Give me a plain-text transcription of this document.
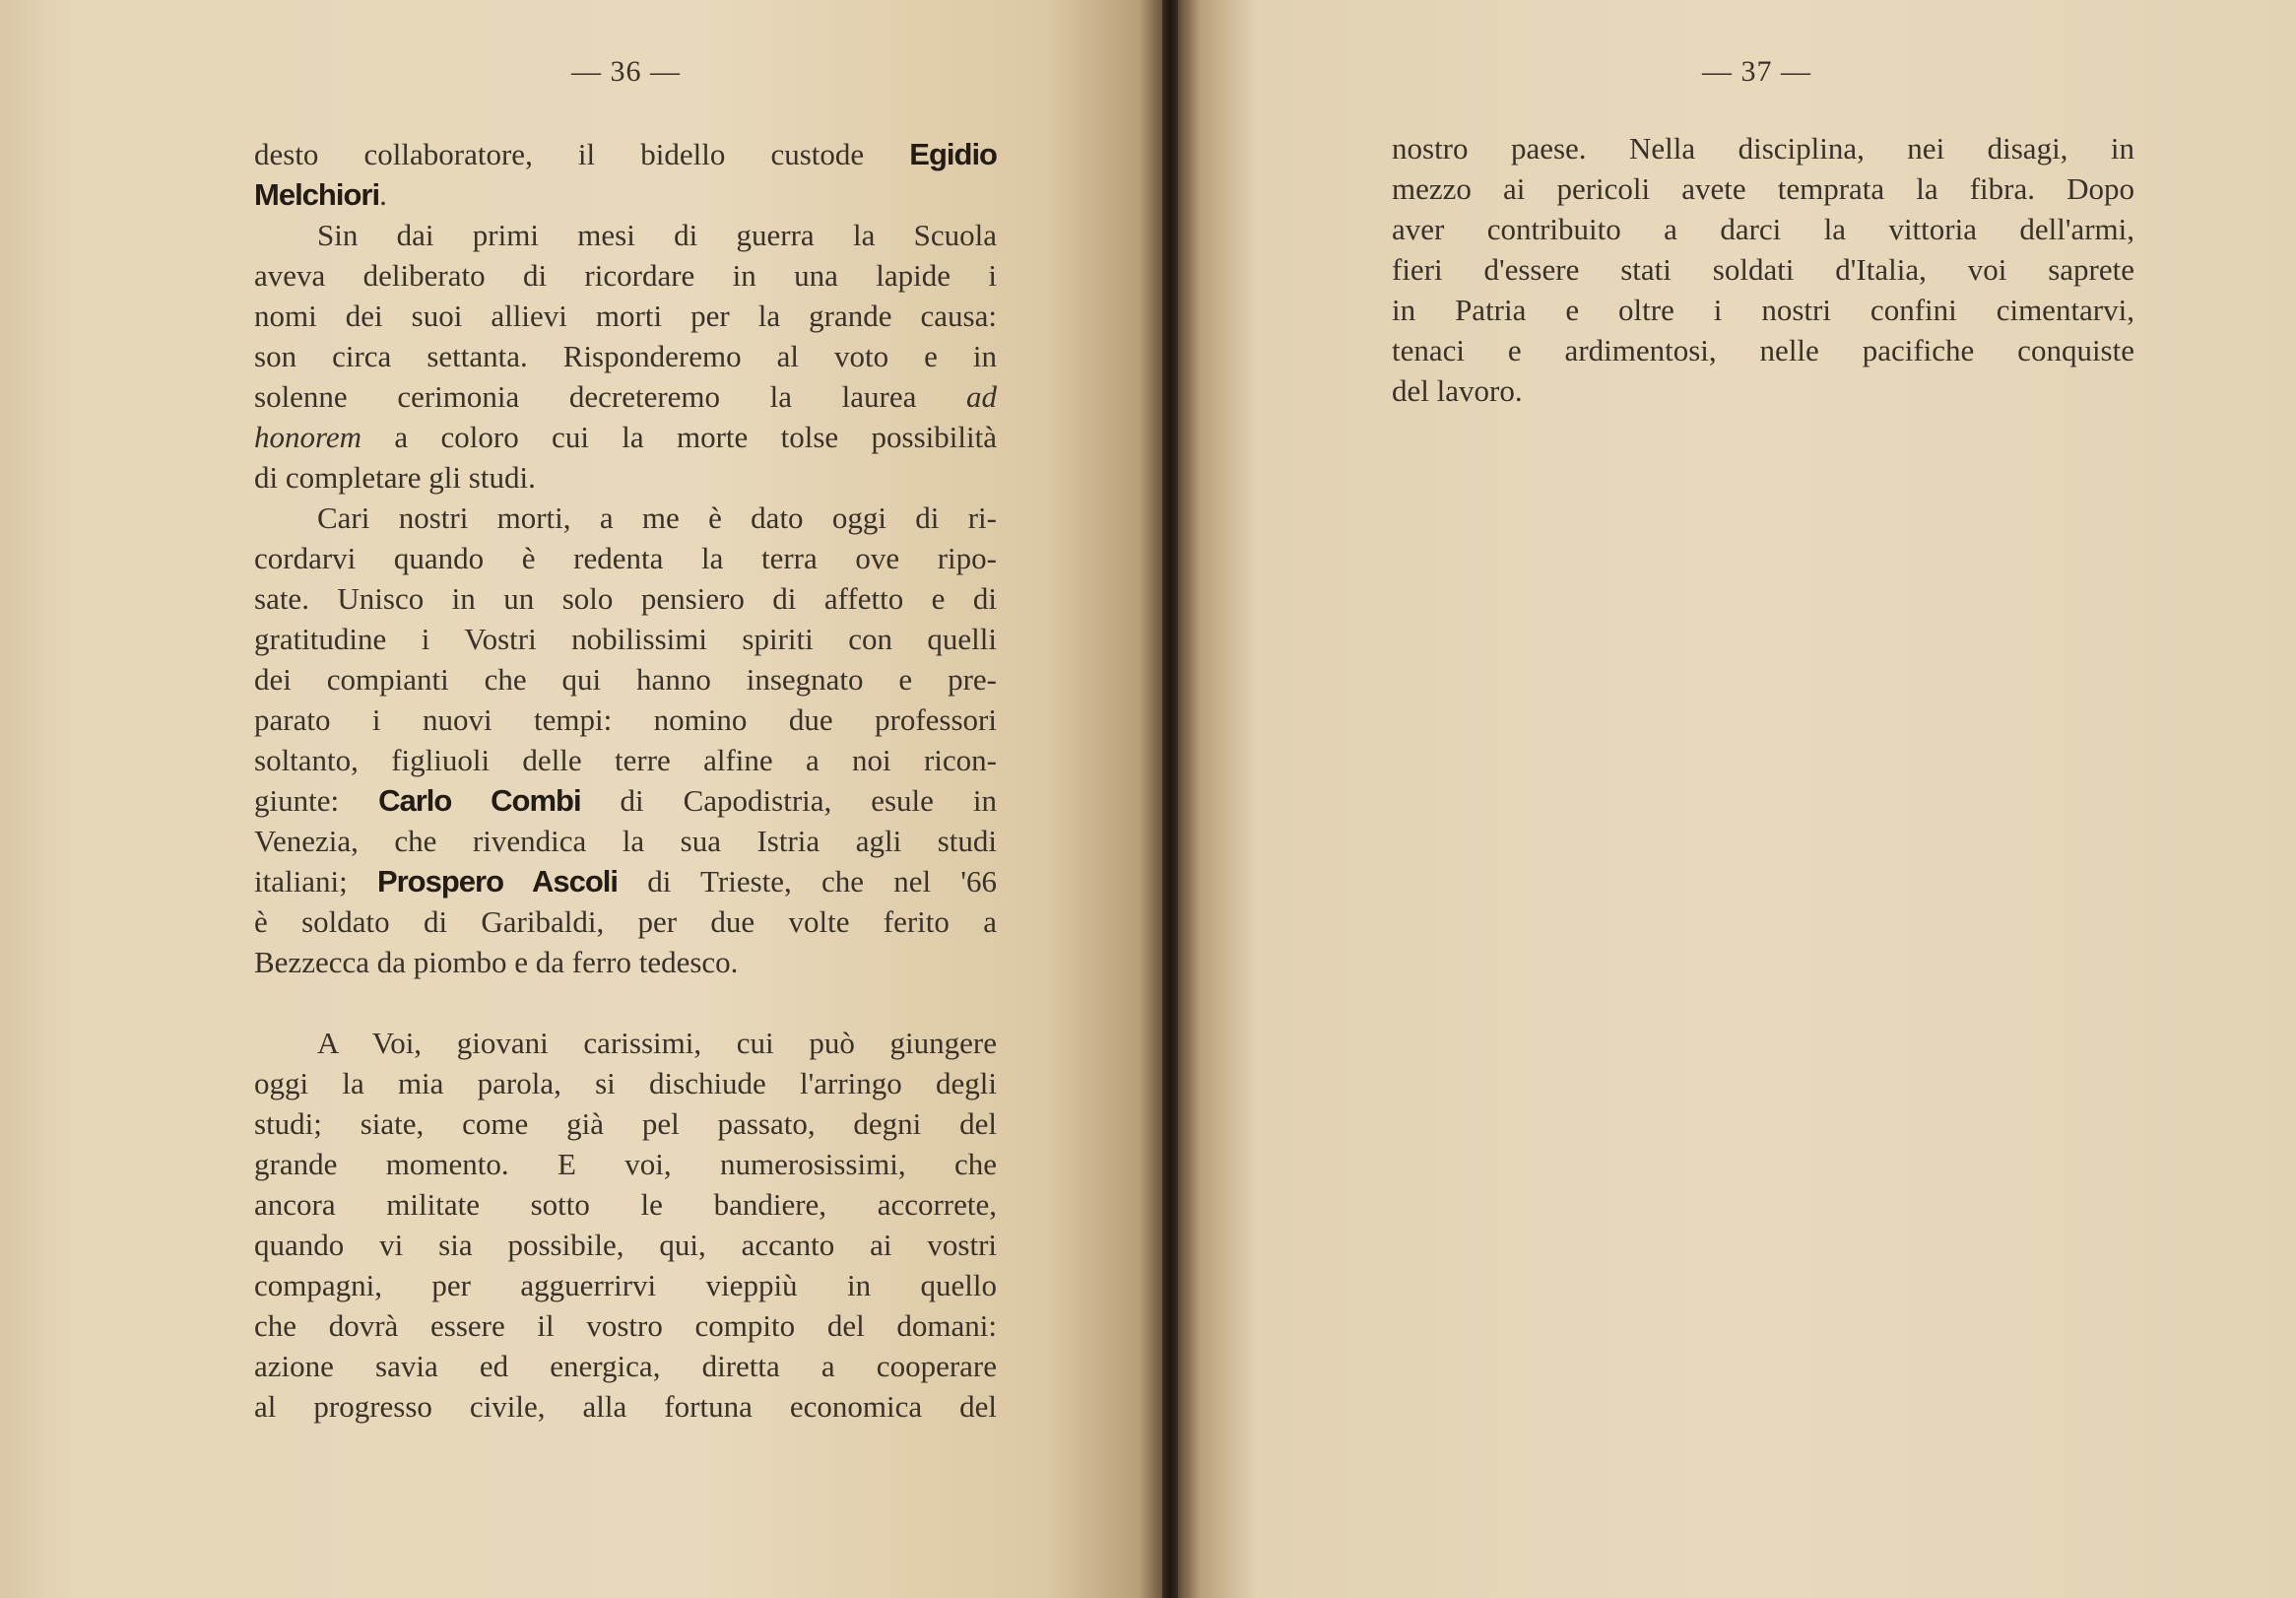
— 36 —
desto collaboratore, il bidello custode Egidio
Melchiori.
Sin dai primi mesi di guerra la Scuola
aveva deliberato di ricordare in una lapide i
nomi dei suoi allievi morti per la grande causa:
son circa settanta. Risponderemo al voto e in
solenne cerimonia decreteremo la laurea ad
honorem a coloro cui la morte tolse possibilità
di completare gli studi.
Cari nostri morti, a me è dato oggi di ri-
cordarvi quando è redenta la terra ove ripo-
sate. Unisco in un solo pensiero di affetto e di
gratitudine i Vostri nobilissimi spiriti con quelli
dei compianti che qui hanno insegnato e pre-
parato i nuovi tempi: nomino due professori
soltanto, figliuoli delle terre alfine a noi ricon-
giunte: Carlo Combi di Capodistria, esule in
Venezia, che rivendica la sua Istria agli studi
italiani; Prospero Ascoli di Trieste, che nel '66
è soldato di Garibaldi, per due volte ferito a
Bezzecca da piombo e da ferro tedesco.
A Voi, giovani carissimi, cui può giungere
oggi la mia parola, si dischiude l'arringo degli
studi; siate, come già pel passato, degni del
grande momento. E voi, numerosissimi, che
ancora militate sotto le bandiere, accorrete,
quando vi sia possibile, qui, accanto ai vostri
compagni, per agguerrirvi vieppiù in quello
che dovrà essere il vostro compito del domani:
azione savia ed energica, diretta a cooperare
al progresso civile, alla fortuna economica del
— 37 —
nostro paese. Nella disciplina, nei disagi, in
mezzo ai pericoli avete temprata la fibra. Dopo
aver contribuito a darci la vittoria dell'armi,
fieri d'essere stati soldati d'Italia, voi saprete
in Patria e oltre i nostri confini cimentarvi,
tenaci e ardimentosi, nelle pacifiche conquiste
del lavoro.
